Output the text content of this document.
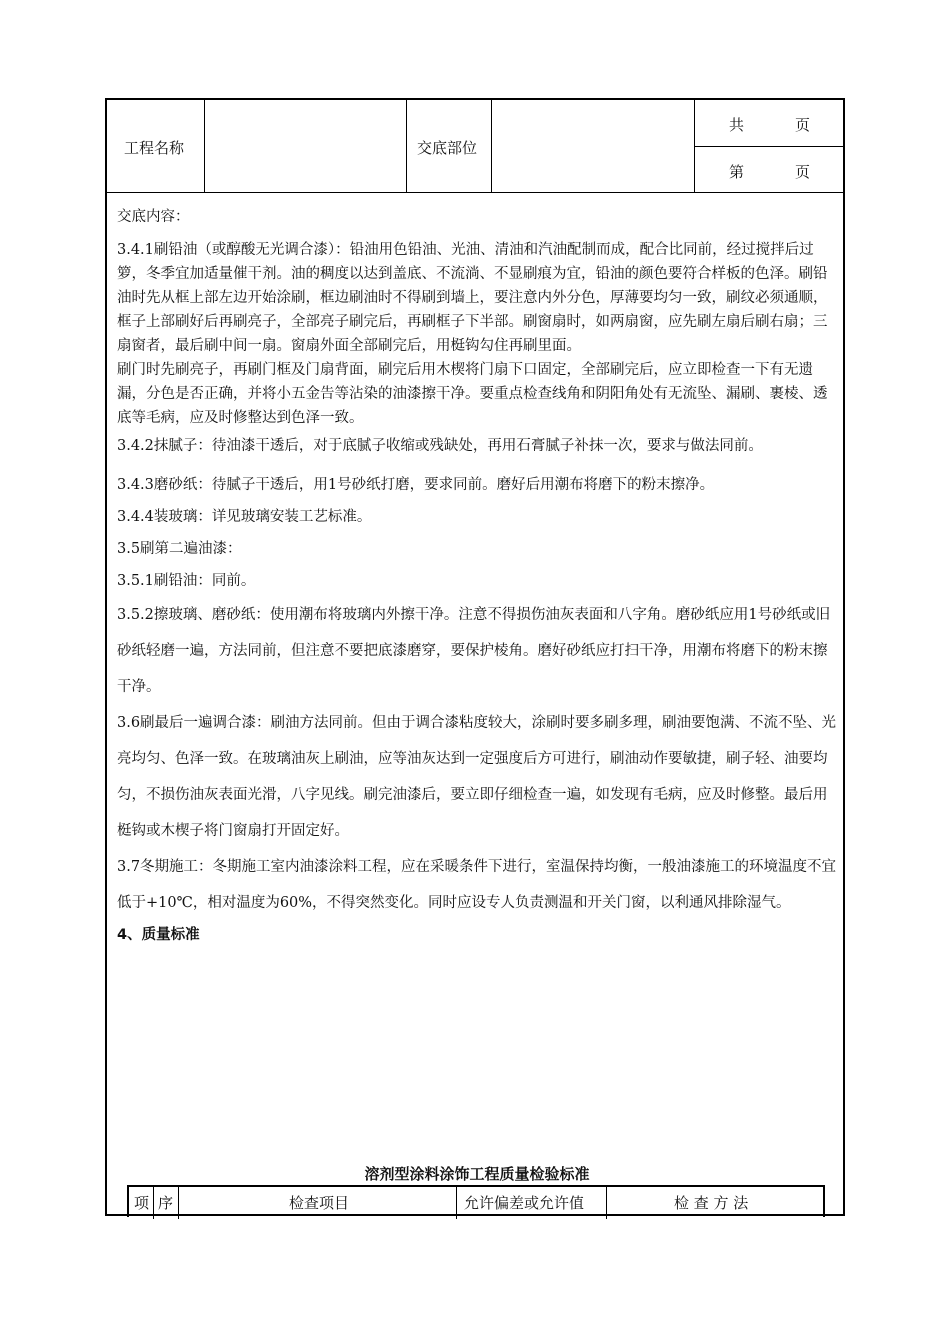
工程名称	交底部位
共	页
第	页

交底内容：

3.4.1刷铅油（或醇酸无光调合漆）：铅油用色铅油、光油、清油和汽油配制而成，配合比同前，经过搅拌后过箩，冬季宜加适量催干剂。油的稠度以达到盖底、不流淌、不显刷痕为宜，铅油的颜色要符合样板的色泽。刷铅油时先从框上部左边开始涂刷，框边刷油时不得刷到墙上，要注意内外分色，厚薄要均匀一致，刷纹必须通顺，框子上部刷好后再刷亮子，全部亮子刷完后，再刷框子下半部。刷窗扇时，如两扇窗，应先刷左扇后刷右扇；三扇窗者，最后刷中间一扇。窗扇外面全部刷完后，用梃钩勾住再刷里面。

刷门时先刷亮子，再刷门框及门扇背面，刷完后用木楔将门扇下口固定，全部刷完后，应立即检查一下有无遗漏，分色是否正确，并将小五金告等沾染的油漆擦干净。要重点检查线角和阴阳角处有无流坠、漏刷、裹棱、透底等毛病，应及时修整达到色泽一致。

3.4.2抹腻子：待油漆干透后，对于底腻子收缩或残缺处，再用石膏腻子补抹一次，要求与做法同前。

3.4.3磨砂纸：待腻子干透后，用1号砂纸打磨，要求同前。磨好后用潮布将磨下的粉末擦净。

3.4.4装玻璃：详见玻璃安装工艺标准。

3.5刷第二遍油漆：

3.5.1刷铅油：同前。

3.5.2擦玻璃、磨砂纸：使用潮布将玻璃内外擦干净。注意不得损伤油灰表面和八字角。磨砂纸应用1号砂纸或旧砂纸轻磨一遍，方法同前，但注意不要把底漆磨穿，要保护棱角。磨好砂纸应打扫干净，用潮布将磨下的粉末擦干净。

3.6刷最后一遍调合漆：刷油方法同前。但由于调合漆粘度较大，涂刷时要多刷多理，刷油要饱满、不流不坠、光亮均匀、色泽一致。在玻璃油灰上刷油，应等油灰达到一定强度后方可进行，刷油动作要敏捷，刷子轻、油要均匀，不损伤油灰表面光滑，八字见线。刷完油漆后，要立即仔细检查一遍，如发现有毛病，应及时修整。最后用梃钩或木楔子将门窗扇打开固定好。

3.7冬期施工：冬期施工室内油漆涂料工程，应在采暖条件下进行，室温保持均衡，一般油漆施工的环境温度不宜低于+10℃，相对温度为60%，不得突然变化。同时应设专人负责测温和开关门窗，以利通风排除湿气。

4、质量标准

溶剂型涂料涂饰工程质量检验标准
项 序	检查项目	允许偏差或允许值	检 查 方 法
